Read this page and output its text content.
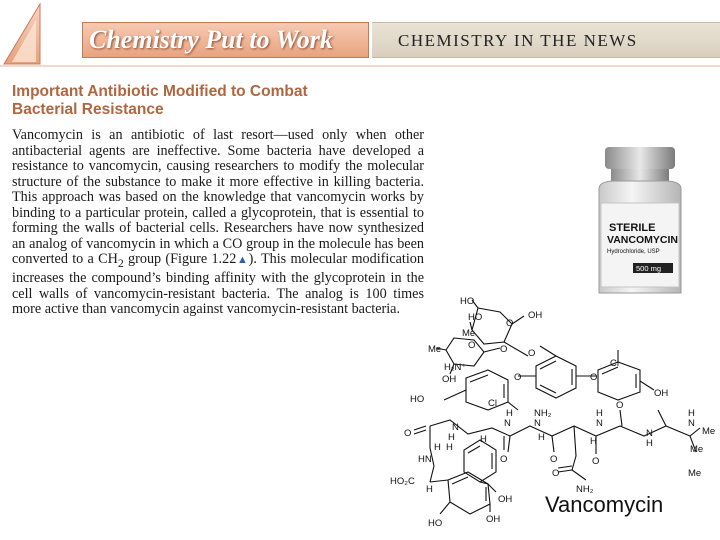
Chemistry Put to Work	CHEMISTRY IN THE NEWS
Important Antibiotic Modified to Combat
Bacterial Resistance
Vancomycin is an antibiotic of last resort—used only when other antibacterial agents are ineffective. Some bacteria have developed a resistance to vancomycin, causing researchers to modify the molecular structure of the substance to make it more effective in killing bacteria. This approach was based on the knowledge that vancomycin works by binding to a particular protein, called a glycoprotein, that is essential to forming the walls of bacterial cells. Researchers have now synthesized an analog of vancomycin in which a CO group in the molecule has been converted to a $CH_2$ group (Figure 1.22▲). This molecular modification increases the compound’s binding affinity with the glycoprotein in the cell walls of vancomycin-resistant bacteria. The analog is 100 times more active than vancomycin against vancomycin-resistant bacteria.
STERILE
VANCOMYCIN
Hydrochloride, USP
500 mg
HO
HO	OH
O
Me
O
Me	O O
H₂N⁺
OH
Cl
Cl
O	O
OH
HO
O
H
N
H H
N
H
NH₂
N
H
H
N
H
N
H
O	O	O
O
O
H
N
Me
Me
Me
HN
HO₂C
H	NH₂
OH
OH
HO
H
Vancomycin
